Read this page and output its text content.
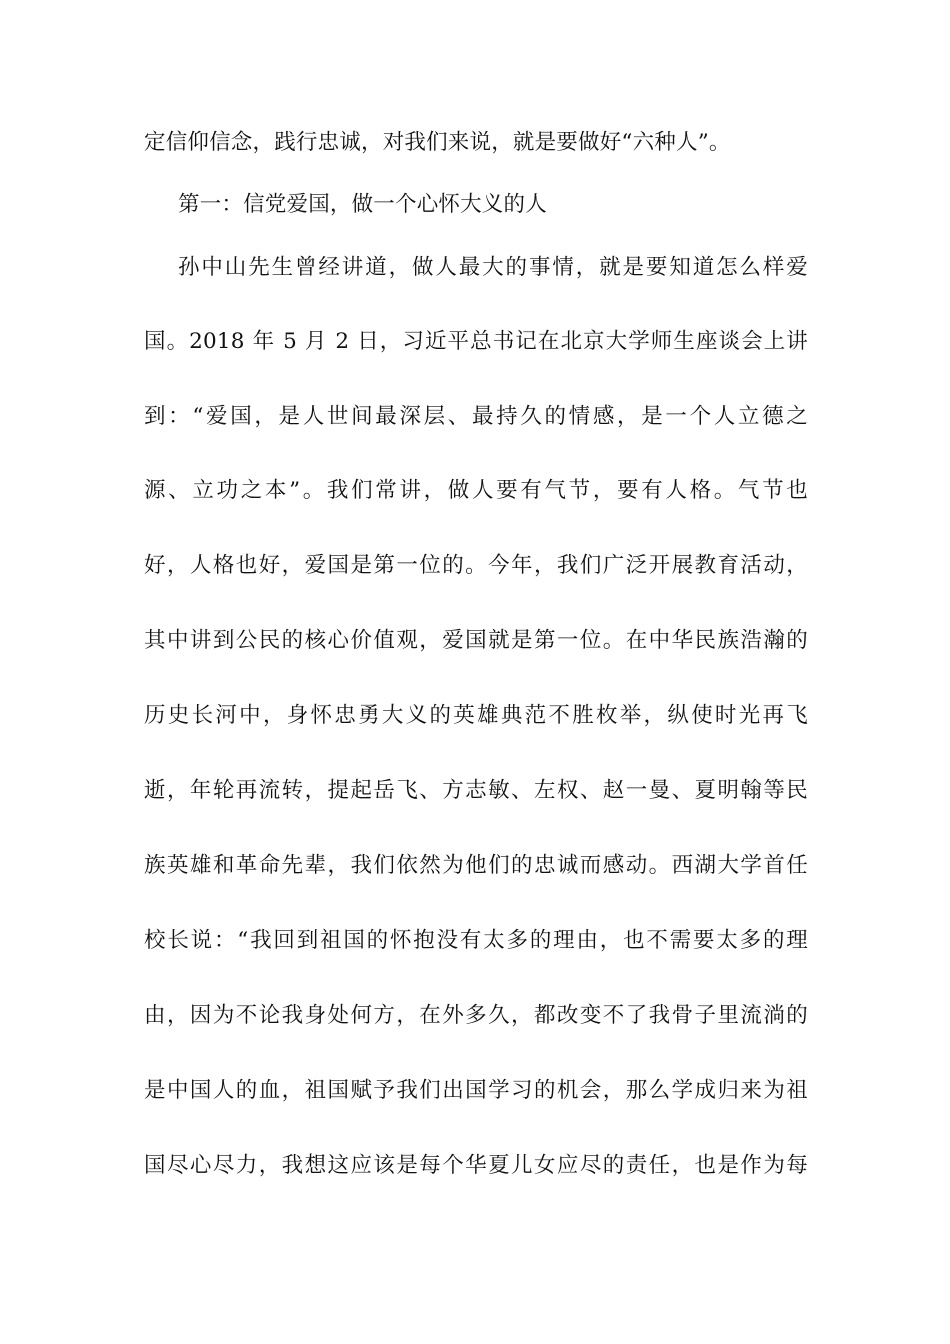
定信仰信念，践行忠诚，对我们来说，就是要做好“六种人”。
第一：信党爱国，做一个心怀大义的人
孙中山先生曾经讲道，做人最大的事情，就是要知道怎么样爱
国。2018 年 5 月 2 日，习近平总书记在北京大学师生座谈会上讲
到：“爱国，是人世间最深层、最持久的情感，是一个人立德之
源、立功之本”。我们常讲，做人要有气节，要有人格。气节也
好，人格也好，爱国是第一位的。今年，我们广泛开展教育活动，
其中讲到公民的核心价值观，爱国就是第一位。在中华民族浩瀚的
历史长河中，身怀忠勇大义的英雄典范不胜枚举，纵使时光再飞
逝，年轮再流转，提起岳飞、方志敏、左权、赵一曼、夏明翰等民
族英雄和革命先辈，我们依然为他们的忠诚而感动。西湖大学首任
校长说：“我回到祖国的怀抱没有太多的理由，也不需要太多的理
由，因为不论我身处何方，在外多久，都改变不了我骨子里流淌的
是中国人的血，祖国赋予我们出国学习的机会，那么学成归来为祖
国尽心尽力，我想这应该是每个华夏儿女应尽的责任，也是作为每
